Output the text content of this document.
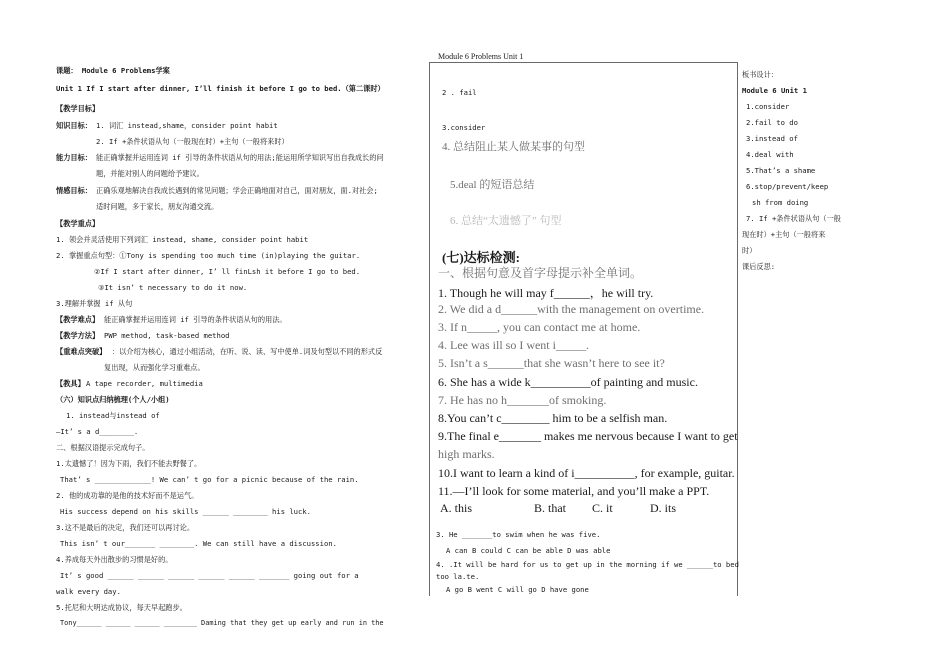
Module 6 Problems Unit 1
课题： Module 6 Problems学案
Unit 1 If I start after dinner, I’ll finish it before I go to bed.（第二课时）
【教学目标】
知识目标： 1. 词汇 instead,shame，consider point habit
2. If +条件状语从句（一般现在时）+主句（一般将来时）
能力目标： 能正确掌握并运用连词 if 引导的条件状语从句的用法;能运用所学知识写出自我成长的问
题，并能对别人的问题给予建议。
情感目标： 正确乐观地解决自我成长遇到的常见问题；学会正确地面对自己，面对朋友，面.对社会;
适时问题，多于家长，朋友沟通交流。
【教学重点】
1. 领会并灵活使用下列词汇 instead, shame, consider point habit
2. 掌握重点句型：①Tony is spending too much time (in)playing the guitar.
②If I start after dinner, I’ ll finLsh it before I go to bed.
③It isn’ t necessary to do it now.
3.理解并掌握 if 从句
【教学难点】 能正确掌握并运用连词 if 引导的条件状语从句的用法。
【教学方法】 PWP method, task-based method
【重难点突破】 ：以介绍为核心，通过小组活动，在听、说、读、写中使单.词及句型以不同的形式反
复出现，从而强化学习重难点。
【教具】 A tape recorder, multimedia
（六）知识点归纳梳理(个人/小组)
1. instead与instead of
—It’ s a d________.
二、根据汉语提示完成句子。
1.太遗憾了！因为下雨，我们不能去野餐了。
That’ s _____________! We can’ t go for a picnic because of the rain.
2. 他的成功靠的是他的技术好而不是运气。
His success depend on his skills ______ ________ his luck.
3.这不是最后的决定，我们还可以再讨论。
This isn’ t our_______ ________. We can still have a discussion.
4.养成每天外出散步的习惯是好的。
It’ s good ______ ______ ______ ______ ______ _______ going out for a
walk every day.
5.托尼和大明达成协议，每天早起跑步。
Tony______ ______ ______ ________ Daming that they get up early and run in the
2 . fail
3.consider
4. 总结阻止某人做某事的句型
5.deal 的短语总结
6. 总结“太遗憾了” 句型
(七)达标检测:
一、根据句意及首字母提示补全单词。
1. Though he will may f______，he will try.
2. We did a d______with the management on overtime.
3. If n_____, you can contact me at home.
4. Lee was ill so I went i_____.
5. Isn’t a s______that she wasn’t here to see it?
6. She has a wide k__________of painting and music.
7. He has no h_______of smoking.
8.You can’t c________ him to be a selfish man.
9.The final e_______ makes me nervous because I want to get
high marks.
10.I want to learn a kind of i__________, for example, guitar.
11.—I’ll look for some material, and you’ll make a PPT.
A. this	B. that C. it	D. its
3. He _______to swim when he was five.
A can B could C can be able D was able
4. .It will be hard for us to get up in the morning if we ______to bed
too la.te.
A go B went C will go D have gone
板书设计：
Module 6 Unit 1
1.consider
2.fail to do
3.instead of
4.deal with
5.That’s a shame
6.stop/prevent/keep
sh from doing
7. If +条件状语从句（一般
现在时）+主句（一般将来
时）
课后反思:
